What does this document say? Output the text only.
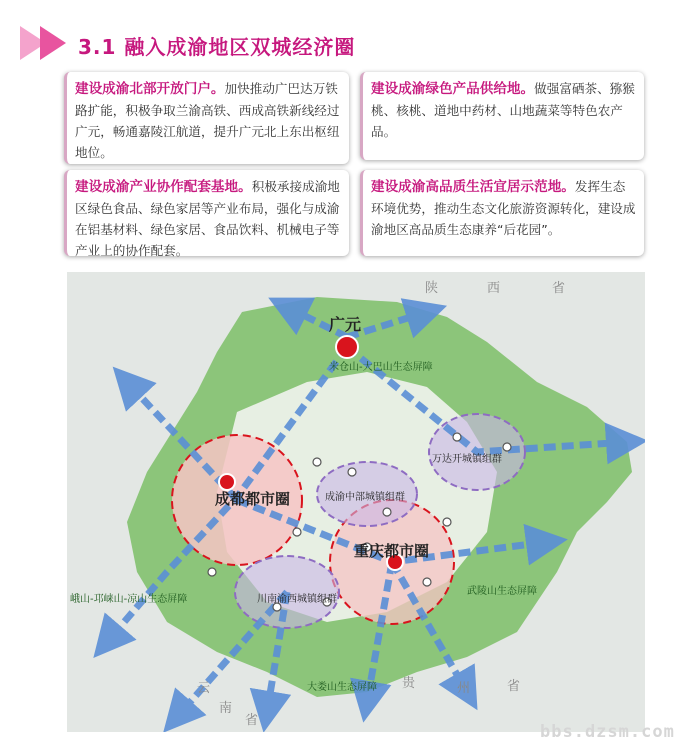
3.1 融入成渝地区双城经济圈
建设成渝北部开放门户。加快推动广巴达万铁路扩能，积极争取兰渝高铁、西成高铁新线经过广元，畅通嘉陵江航道，提升广元北上东出枢纽地位。
建设成渝绿色产品供给地。做强富硒茶、猕猴桃、核桃、道地中药材、山地蔬菜等特色农产品。
建设成渝产业协作配套基地。积极承接成渝地区绿色食品、绿色家居等产业布局，强化与成渝在铝基材料、绿色家居、食品饮料、机械电子等产业上的协作配套。
建设成渝高品质生活宜居示范地。发挥生态环境优势，推动生态文化旅游资源转化，建设成渝地区高品质生态康养“后花园”。
陕	西	省
贵	州	省
云
南
省
广元
成都都市圈
重庆都市圈
万达开城镇组群
成渝中部城镇组群
川南渝西城镇组群
米仓山-大巴山生态屏障
峨山-邛崃山-凉山生态屏障
武陵山生态屏障
大娄山生态屏障
bbs.dzsm.com
